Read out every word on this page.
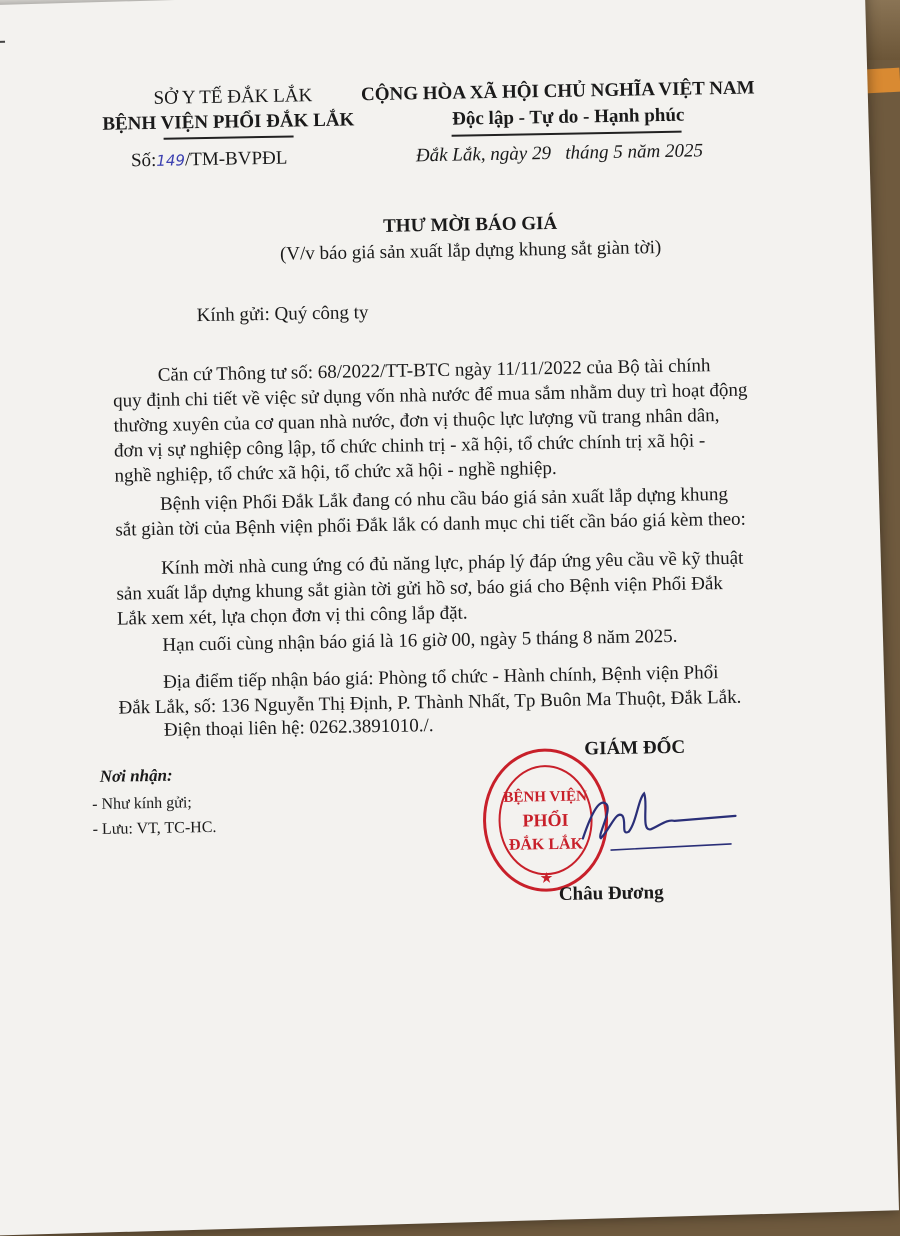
SỞ Y TẾ ĐẮK LẮK
BỆNH VIỆN PHỔI ĐẮK LẮK
Số:149/TM-BVPĐL
CỘNG HÒA XÃ HỘI CHỦ NGHĨA VIỆT NAM
Độc lập - Tự do - Hạnh phúc
Đắk Lắk, ngày 29   tháng 5 năm 2025
THƯ MỜI BÁO GIÁ
(V/v báo giá sản xuất lắp dựng khung sắt giàn tời)
Kính gửi: Quý công ty
Căn cứ Thông tư số: 68/2022/TT-BTC ngày 11/11/2022 của Bộ tài chính
quy định chi tiết về việc sử dụng vốn nhà nước để mua sắm nhằm duy trì hoạt động
thường xuyên của cơ quan nhà nước, đơn vị thuộc lực lượng vũ trang nhân dân,
đơn vị sự nghiệp công lập, tổ chức chinh trị - xã hội, tổ chức chính trị xã hội -
nghề nghiệp, tổ chức xã hội, tổ chức xã hội - nghề nghiệp.
Bệnh viện Phổi Đắk Lắk đang có nhu cầu báo giá sản xuất lắp dựng khung
sắt giàn tời của Bệnh viện phổi Đắk lắk có danh mục chi tiết cần báo giá kèm theo:
Kính mời nhà cung ứng có đủ năng lực, pháp lý đáp ứng yêu cầu về kỹ thuật
sản xuất lắp dựng khung sắt giàn tời gửi hồ sơ, báo giá cho Bệnh viện Phổi Đắk
Lắk xem xét, lựa chọn đơn vị thi công lắp đặt.
Hạn cuối cùng nhận báo giá là 16 giờ 00, ngày 5 tháng 8 năm 2025.
Địa điểm tiếp nhận báo giá: Phòng tổ chức - Hành chính, Bệnh viện Phổi
Đắk Lắk, số: 136 Nguyễn Thị Định, P. Thành Nhất, Tp Buôn Ma Thuột, Đắk Lắk.
Điện thoại liên hệ: 0262.3891010./.
Nơi nhận:
- Như kính gửi;
- Lưu: VT, TC-HC.
GIÁM ĐỐC
BỆNH VIỆN
PHỔI
ĐẮK LẮK
★
Châu Đương
